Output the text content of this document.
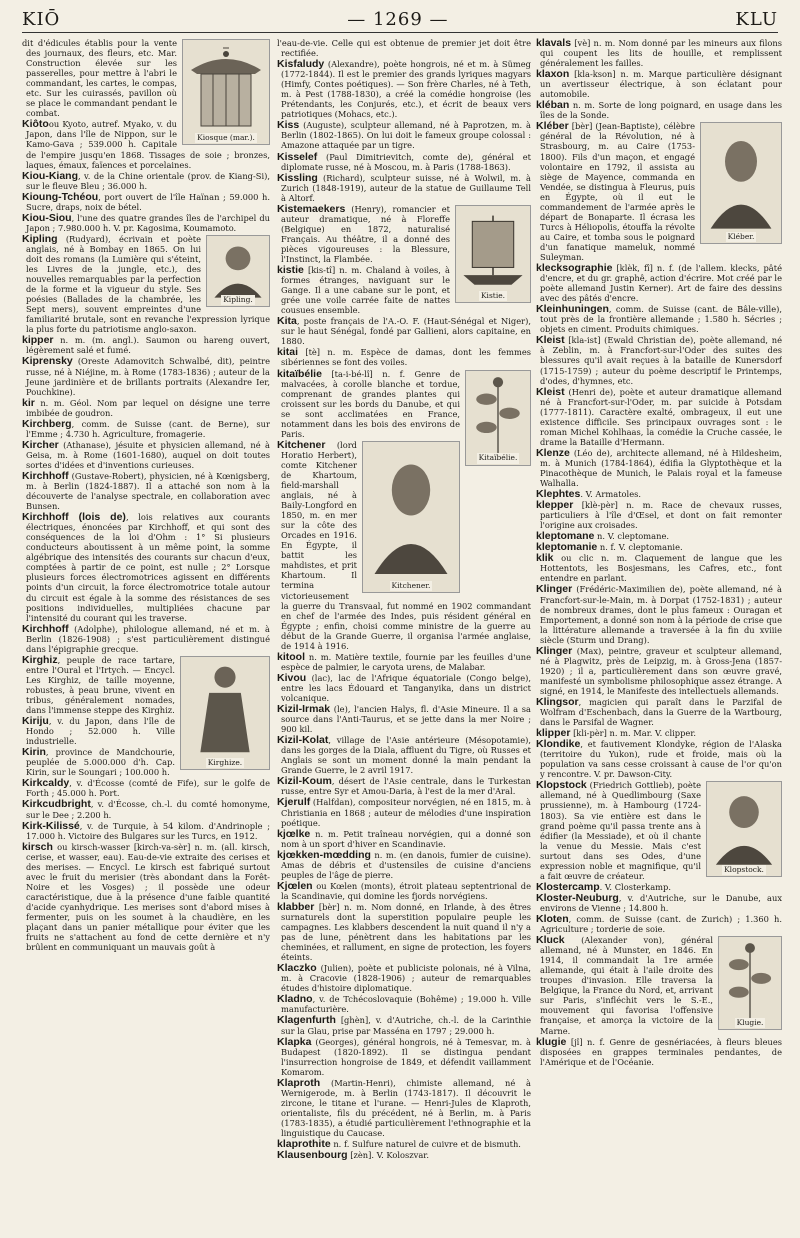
KIŌ	— 1269 —	KLU
Kiosque (mar.).

dit d'édicules établis pour la vente des journaux, des fleurs, etc. Mar. Construction élevée sur les passerelles, pour mettre à l'abri le commandant, les cartes, le compas, etc. Sur les cuirassés, pavillon où se place le commandant pendant le combat.

Kiôtoou Kyoto, autref. Myako, v. du Japon, dans l'île de Nippon, sur le Kamo-Gava ; 539.000 h. Capitale de l'empire jusqu'en 1868. Tissages de soie ; bronzes, laques, émaux, faïences et porcelaines.

Kiou-Kiang, v. de la Chine orientale (prov. de Kiang-Si), sur le fleuve Bleu ; 36.000 h.

Kioung-Tchéou, port ouvert de l'île Haïnan ; 59.000 h. Sucre, draps, noix de bétel.

Kiou-Siou, l'une des quatre grandes îles de l'archipel du Japon ; 7.980.000 h. V. pr. Kagosima, Koumamoto.

Kipling.

Kipling (Rudyard), écrivain et poète anglais, né à Bombay en 1865. On lui doit des romans (la Lumière qui s'éteint, les Livres de la jungle, etc.), des nouvelles remarquables par la perfection de la forme et la vigueur du style. Ses poésies (Ballades de la chambrée, les Sept mers), souvent empreintes d'une familiarité brutale, sont en revanche l'expression lyrique la plus forte du patriotisme anglo-saxon.

kipper n. m. (m. angl.). Saumon ou hareng ouvert, légèrement salé et fumé.

Kiprensky (Oreste Adamovitch Schwalbé, dit), peintre russe, né à Niéjine, m. à Rome (1783-1836) ; auteur de la Jeune jardinière et de brillants portraits (Alexandre Ier, Pouchkine).

kir n. m. Géol. Nom par lequel on désigne une terre imbibée de goudron.

Kirchberg, comm. de Suisse (cant. de Berne), sur l'Emme ; 4.730 h. Agriculture, fromagerie.

Kircher (Athanase), jésuite et physicien allemand, né à Geisa, m. à Rome (1601-1680), auquel on doit toutes sortes d'idées et d'inventions curieuses.

Kirchhoff (Gustave-Robert), physicien, né à Kœnigsberg, m. à Berlin (1824-1887). Il a attaché son nom à la découverte de l'analyse spectrale, en collaboration avec Bunsen.

Kirchhoff (lois de), lois relatives aux courants électriques, énoncées par Kirchhoff, et qui sont des conséquences de la loi d'Ohm : 1° Si plusieurs conducteurs aboutissent à un même point, la somme algébrique des intensités des courants sur chacun d'eux, comptées à partir de ce point, est nulle ; 2° Lorsque plusieurs forces électromotrices agissent en différents points d'un circuit, la force électromotrice totale autour du circuit est égale à la somme des résistances de ses positions individuelles, multipliées chacune par l'intensité du courant qui les traverse.

Kirchhoff (Adolphe), philologue allemand, né et m. à Berlin (1826-1908) ; s'est particulièrement distingué dans l'épigraphie grecque.

Kirghize.

Kirghiz, peuple de race tartare, entre l'Oural et l'Irtych. — Encycl. Les Kirghiz, de taille moyenne, robustes, à peau brune, vivent en tribus, généralement nomades, dans l'immense steppe des Kirghiz.

Kiriju, v. du Japon, dans l'île de Hondo ; 52.000 h. Ville industrielle.

Kirin, province de Mandchourie, peuplée de 5.000.000 d'h. Cap. Kirin, sur le Soungari ; 100.000 h.

Kirkcaldy, v. d'Écosse (comté de Fife), sur le golfe de Forth ; 45.000 h. Port.

Kirkcudbright, v. d'Écosse, ch.-l. du comté homonyme, sur le Dee ; 2.200 h.

Kirk-Kilissé, v. de Turquie, à 54 kilom. d'Andrinople ; 17.000 h. Victoire des Bulgares sur les Turcs, en 1912.

kirsch ou kirsch-wasser [kirch-va-sèr] n. m. (all. kirsch, cerise, et wasser, eau). Eau-de-vie extraite des cerises et des merises. — Encycl. Le kirsch est fabriqué surtout avec le fruit du merisier (très abondant dans la Forêt-Noire et les Vosges) ; il possède une odeur caractéristique, due à la présence d'une faible quantité d'acide cyanhydrique. Les merises sont d'abord mises à fermenter, puis on les soumet à la chaudière, en les plaçant dans un panier métallique pour éviter que les fruits ne s'attachent au fond de cette dernière et n'y brûlent en communiquant un mauvais goût à

l'eau-de-vie. Celle qui est obtenue de premier jet doit être rectifiée.

Kisfaludy (Alexandre), poète hongrois, né et m. à Sümeg (1772-1844). Il est le premier des grands lyriques magyars (Himfy, Contes poétiques). — Son frère Charles, né à Teth, m. à Pest (1788-1830), a créé la comédie hongroise (les Prétendants, les Conjurés, etc.), et écrit de beaux vers patriotiques (Mohacs, etc.).

Kiss (Auguste), sculpteur allemand, né à Paprotzen, m. à Berlin (1802-1865). On lui doit le fameux groupe colossal : Amazone attaquée par un tigre.

Kisselef (Paul Dimitrievitch, comte de), général et diplomate russe, né à Moscou, m. à Paris (1788-1863).

Kissling (Richard), sculpteur suisse, né à Wolwil, m. à Zurich (1848-1919), auteur de la statue de Guillaume Tell à Altorf.

Kistie.

Kistemaekers (Henry), romancier et auteur dramatique, né à Floreffe (Belgique) en 1872, naturalisé Français. Au théâtre, il a donné des pièces vigoureuses : la Blessure, l'Instinct, la Flambée.

kistie [kis-tî] n. m. Chaland à voiles, à formes étranges, naviguant sur le Gange. Il a une cabane sur le pont, et grée une voile carrée faite de nattes cousues ensemble.

Kita, poste français de l'A.-O. F. (Haut-Sénégal et Niger), sur le haut Sénégal, fondé par Gallieni, alors capitaine, en 1880.

kitai [tè] n. m. Espèce de damas, dont les femmes sibériennes se font des voiles.

Kitaïbélie.

kitaïbélie [ta-i-bé-lî] n. f. Genre de malvacées, à corolle blanche et tordue, comprenant de grandes plantes qui croissent sur les bords du Danube, et qui se sont acclimatées en France, notamment dans les bois des environs de Paris.

Kitchener.

Kitchener (lord Horatio Herbert), comte Kitchener de Khartoum, field-marshall anglais, né à Baily-Longford en 1850, m. en mer sur la côte des Orcades en 1916. En Égypte, il battit les mahdistes, et prit Khartoum. Il termina victorieusement la guerre du Transvaal, fut nommé en 1902 commandant en chef de l'armée des Indes, puis résident général en Égypte ; enfin, choisi comme ministre de la guerre au début de la Grande Guerre, il organisa l'armée anglaise, de 1914 à 1916.

kitool n. m. Matière textile, fournie par les feuilles d'une espèce de palmier, le caryota urens, de Malabar.

Kivou (lac), lac de l'Afrique équatoriale (Congo belge), entre les lacs Édouard et Tanganyika, dans un district volcanique.

Kizil-Irmak (le), l'ancien Halys, fl. d'Asie Mineure. Il a sa source dans l'Anti-Taurus, et se jette dans la mer Noire ; 900 kil.

Kizil-Kolat, village de l'Asie antérieure (Mésopotamie), dans les gorges de la Diala, affluent du Tigre, où Russes et Anglais se sont un moment donné la main pendant la Grande Guerre, le 2 avril 1917.

Kizil-Koum, désert de l'Asie centrale, dans le Turkestan russe, entre Syr et Amou-Daria, à l'est de la mer d'Aral.

Kjerulf (Halfdan), compositeur norvégien, né en 1815, m. à Christiania en 1868 ; auteur de mélodies d'une inspiration poétique.

kjœlke n. m. Petit traîneau norvégien, qui a donné son nom à un sport d'hiver en Scandinavie.

kjœkken-mœdding n. m. (en danois, fumier de cuisine). Amas de débris et d'ustensiles de cuisine d'anciens peuples de l'âge de pierre.

Kjœlen ou Kœlen (monts), étroit plateau septentrional de la Scandinavie, qui domine les fjords norvégiens.

klabber [bèr] n. m. Nom donné, en Irlande, à des êtres surnaturels dont la superstition populaire peuple les campagnes. Les klabbers descendent la nuit quand il n'y a pas de lune, pénètrent dans les habitations par les cheminées, et rallument, en signe de protection, les foyers éteints.

Klaczko (Julien), poète et publiciste polonais, né à Vilna, m. à Cracovie (1828-1906) ; auteur de remarquables études d'histoire diplomatique.

Kladno, v. de Tchécoslovaquie (Bohême) ; 19.000 h. Ville manufacturière.

Klagenfurth [ghèn], v. d'Autriche, ch.-l. de la Carinthie sur la Glau, prise par Masséna en 1797 ; 29.000 h.

Klapka (Georges), général hongrois, né à Temesvar, m. à Budapest (1820-1892). Il se distingua pendant l'insurrection hongroise de 1849, et défendit vaillamment Komarom.

Klaproth (Martin-Henri), chimiste allemand, né à Wernigerode, m. à Berlin (1743-1817). Il découvrit le zircone, le titane et l'urane. — Henri-Jules de Klaproth, orientaliste, fils du précédent, né à Berlin, m. à Paris (1783-1835), a étudié particulièrement l'ethnographie et la linguistique du Caucase.

klaprothite n. f. Sulfure naturel de cuivre et de bismuth.

Klausenbourg [zèn]. V. Koloszvar.

klavals [vè] n. m. Nom donné par les mineurs aux filons qui coupent les lits de houille, et remplissent généralement les failles.

klaxon [kla-kson] n. m. Marque particulière désignant un avertisseur électrique, à son éclatant pour automobile.

kléban n. m. Sorte de long poignard, en usage dans les îles de la Sonde.

Kléber.

Kléber [bèr] (Jean-Baptiste), célèbre général de la Révolution, né à Strasbourg, m. au Caire (1753-1800). Fils d'un maçon, et engagé volontaire en 1792, il assista au siège de Mayence, commanda en Vendée, se distingua à Fleurus, puis en Égypte, où il eut le commandement de l'armée après le départ de Bonaparte. Il écrasa les Turcs à Héliopolis, étouffa la révolte au Caire, et tomba sous le poignard d'un fanatique mameluk, nommé Suleyman.

klecksographie [klèk, fî] n. f. (de l'allem. klecks, pâté d'encre, et du gr. graphê, action d'écrire. Mot créé par le poète allemand Justin Kerner). Art de faire des dessins avec des pâtés d'encre.

Kleinhuningen, comm. de Suisse (cant. de Bâle-ville), tout près de la frontière allemande ; 1.580 h. Sécries ; objets en ciment. Produits chimiques.

Kleist [kla-ist] (Ewald Christian de), poète allemand, né à Zeblin, m. à Francfort-sur-l'Oder des suites des blessures qu'il avait reçues à la bataille de Kunersdorf (1715-1759) ; auteur du poème descriptif le Printemps, d'odes, d'hymnes, etc.

Kleist (Henri de), poète et auteur dramatique allemand né à Francfort-sur-l'Oder, m. par suicide à Potsdam (1777-1811). Caractère exalté, ombrageux, il eut une existence difficile. Ses principaux ouvrages sont : le roman Michel Kohlhaas, la comédie la Cruche cassée, le drame la Bataille d'Hermann.

Klenze (Léo de), architecte allemand, né à Hildesheim, m. à Munich (1784-1864), édifia la Glyptothèque et la Pinacothèque de Munich, le Palais royal et la fameuse Walhalla.

Klephtes. V. Armatoles.

klepper [klè-pèr] n. m. Race de chevaux russes, particuliers à l'île d'Œsel, et dont on fait remonter l'origine aux croisades.

kleptomane n. V. cleptomane.

kleptomanie n. f. V. cleptomanie.

klik ou clic n. m. Claquement de langue que les Hottentots, les Bosjesmans, les Cafres, etc., font entendre en parlant.

Klinger (Frédéric-Maximilien de), poète allemand, né à Francfort-sur-le-Main, m. à Dorpat (1752-1831) ; auteur de nombreux drames, dont le plus fameux : Ouragan et Emportement, a donné son nom à la période de crise que la littérature allemande a traversée à la fin du xviiie siècle (Sturm und Drang).

Klinger (Max), peintre, graveur et sculpteur allemand, né à Plagwitz, près de Leipzig, m. à Gross-Jena (1857-1920) ; il a, particulièrement dans son œuvre gravé, manifesté un symbolisme philosophique assez étrange. A signé, en 1914, le Manifeste des intellectuels allemands.

Klingsor, magicien qui paraît dans le Parzifal de Wolfram d'Eschenbach, dans la Guerre de la Wartbourg, dans le Parsifal de Wagner.

klipper [kli-pèr] n. m. Mar. V. clipper.

Klondike, et fautivement Klondyke, région de l'Alaska (territoire du Yukon), rude et froide, mais où la population va sans cesse croissant à cause de l'or qu'on y rencontre. V. pr. Dawson-City.

Klopstock.

Klopstock (Friedrich Gottlieb), poète allemand, né à Quedlimbourg (Saxe prussienne), m. à Hambourg (1724-1803). Sa vie entière est dans le grand poème qu'il passa trente ans à édifier (la Messiade), et où il chante la venue du Messie. Mais c'est surtout dans ses Odes, d'une expression noble et magnifique, qu'il a fait œuvre de créateur.

Klostercamp. V. Closterkamp.

Kloster-Neuburg, v. d'Autriche, sur le Danube, aux environs de Vienne ; 14.800 h.

Kloten, comm. de Suisse (cant. de Zurich) ; 1.360 h. Agriculture ; torderie de soie.

Klugie.

Kluck (Alexander von), général allemand, né à Munster, en 1846. En 1914, il commandait la 1re armée allemande, qui était à l'aile droite des troupes d'invasion. Elle traversa la Belgique, la France du Nord, et, arrivant sur Paris, s'infléchit vers le S.-E., mouvement qui favorisa l'offensive française, et amorça la victoire de la Marne.

klugie [jî] n. f. Genre de gesnériacées, à fleurs bleues disposées en grappes terminales pendantes, de l'Amérique et de l'Océanie.
